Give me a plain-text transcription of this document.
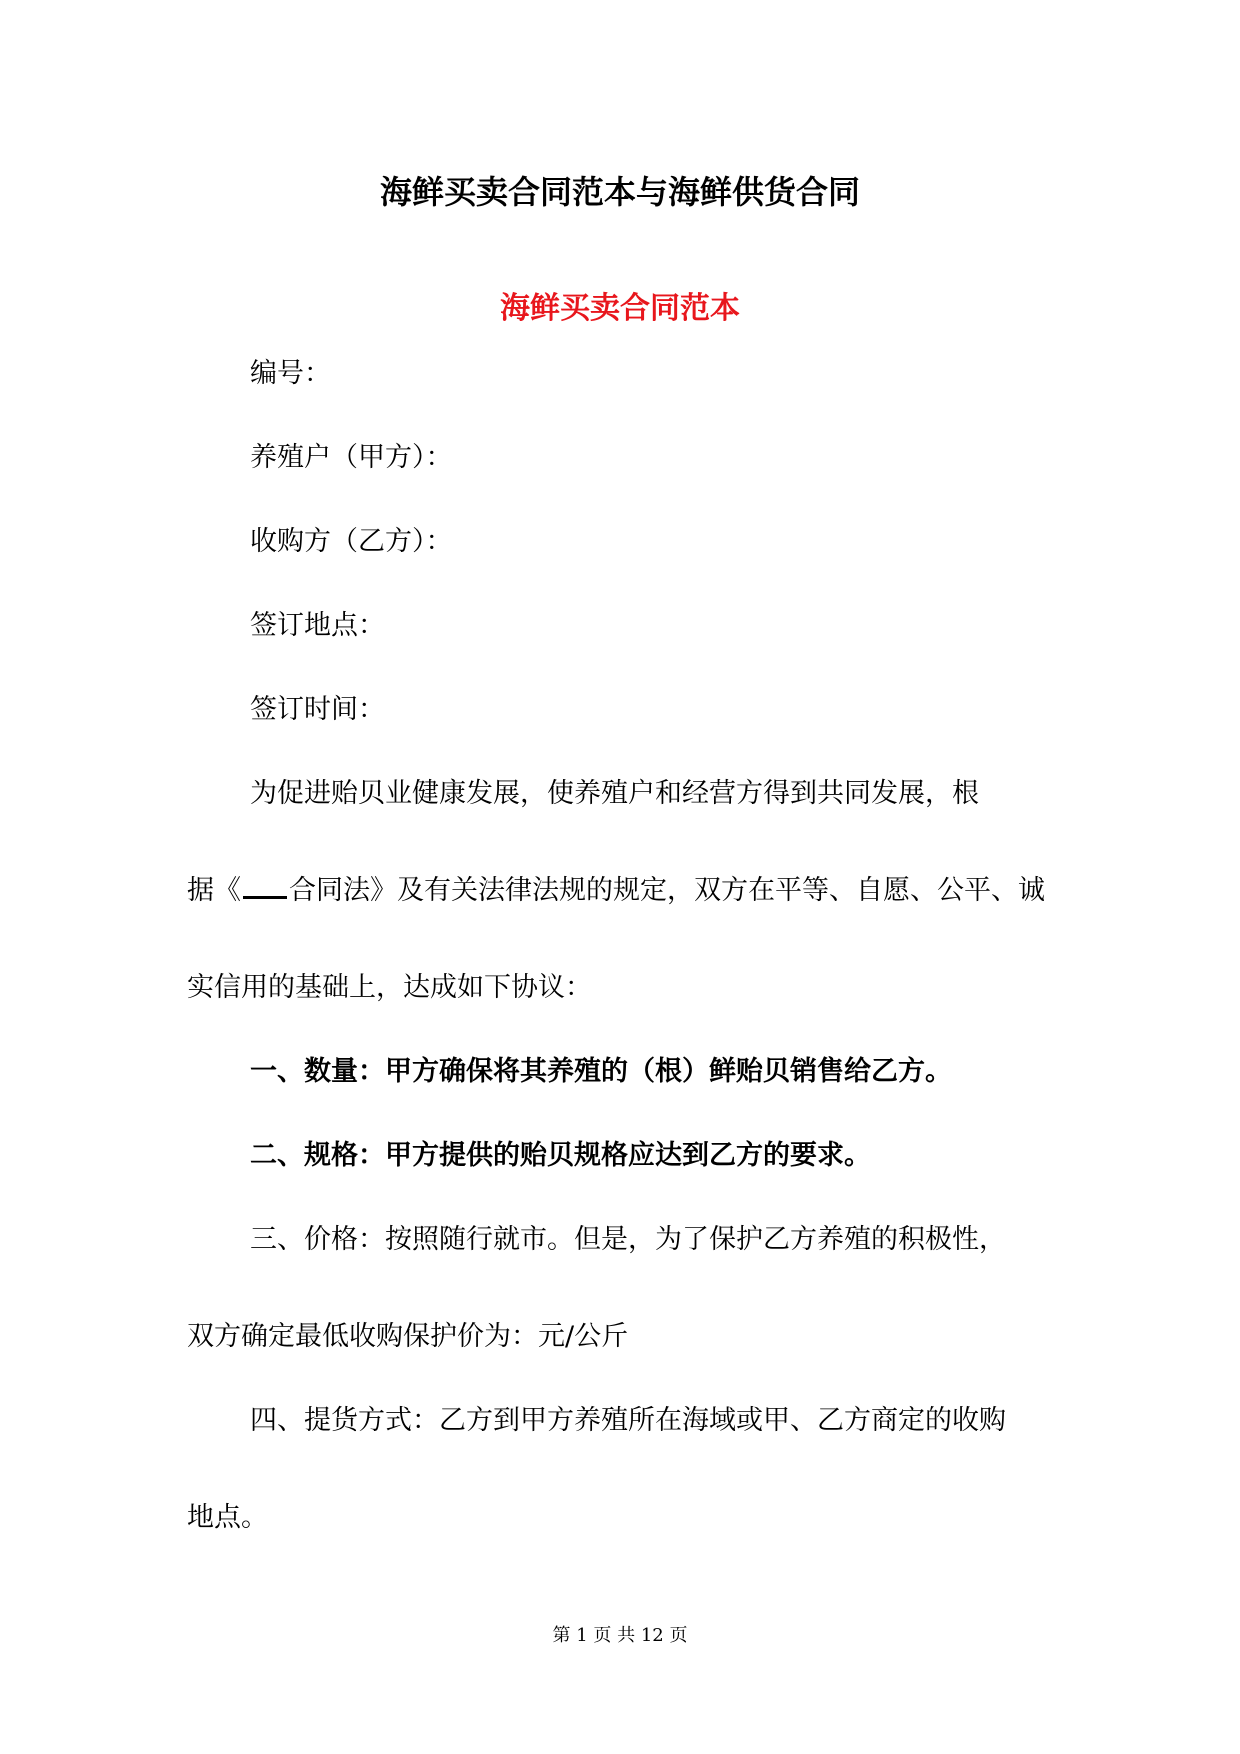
海鲜买卖合同范本与海鲜供货合同
海鲜买卖合同范本
编号：
养殖户（甲方）：
收购方（乙方）：
签订地点：
签订时间：
为促进贻贝业健康发展，使养殖户和经营方得到共同发展，根
据《 合同法》及有关法律法规的规定，双方在平等、自愿、公平、诚
实信用的基础上，达成如下协议：
一、数量：甲方确保将其养殖的（根）鲜贻贝销售给乙方。
二、规格：甲方提供的贻贝规格应达到乙方的要求。
三、价格：按照随行就市。但是，为了保护乙方养殖的积极性，
双方确定最低收购保护价为：元/公斤
四、提货方式：乙方到甲方养殖所在海域或甲、乙方商定的收购
地点。
第 1 页 共 12 页
